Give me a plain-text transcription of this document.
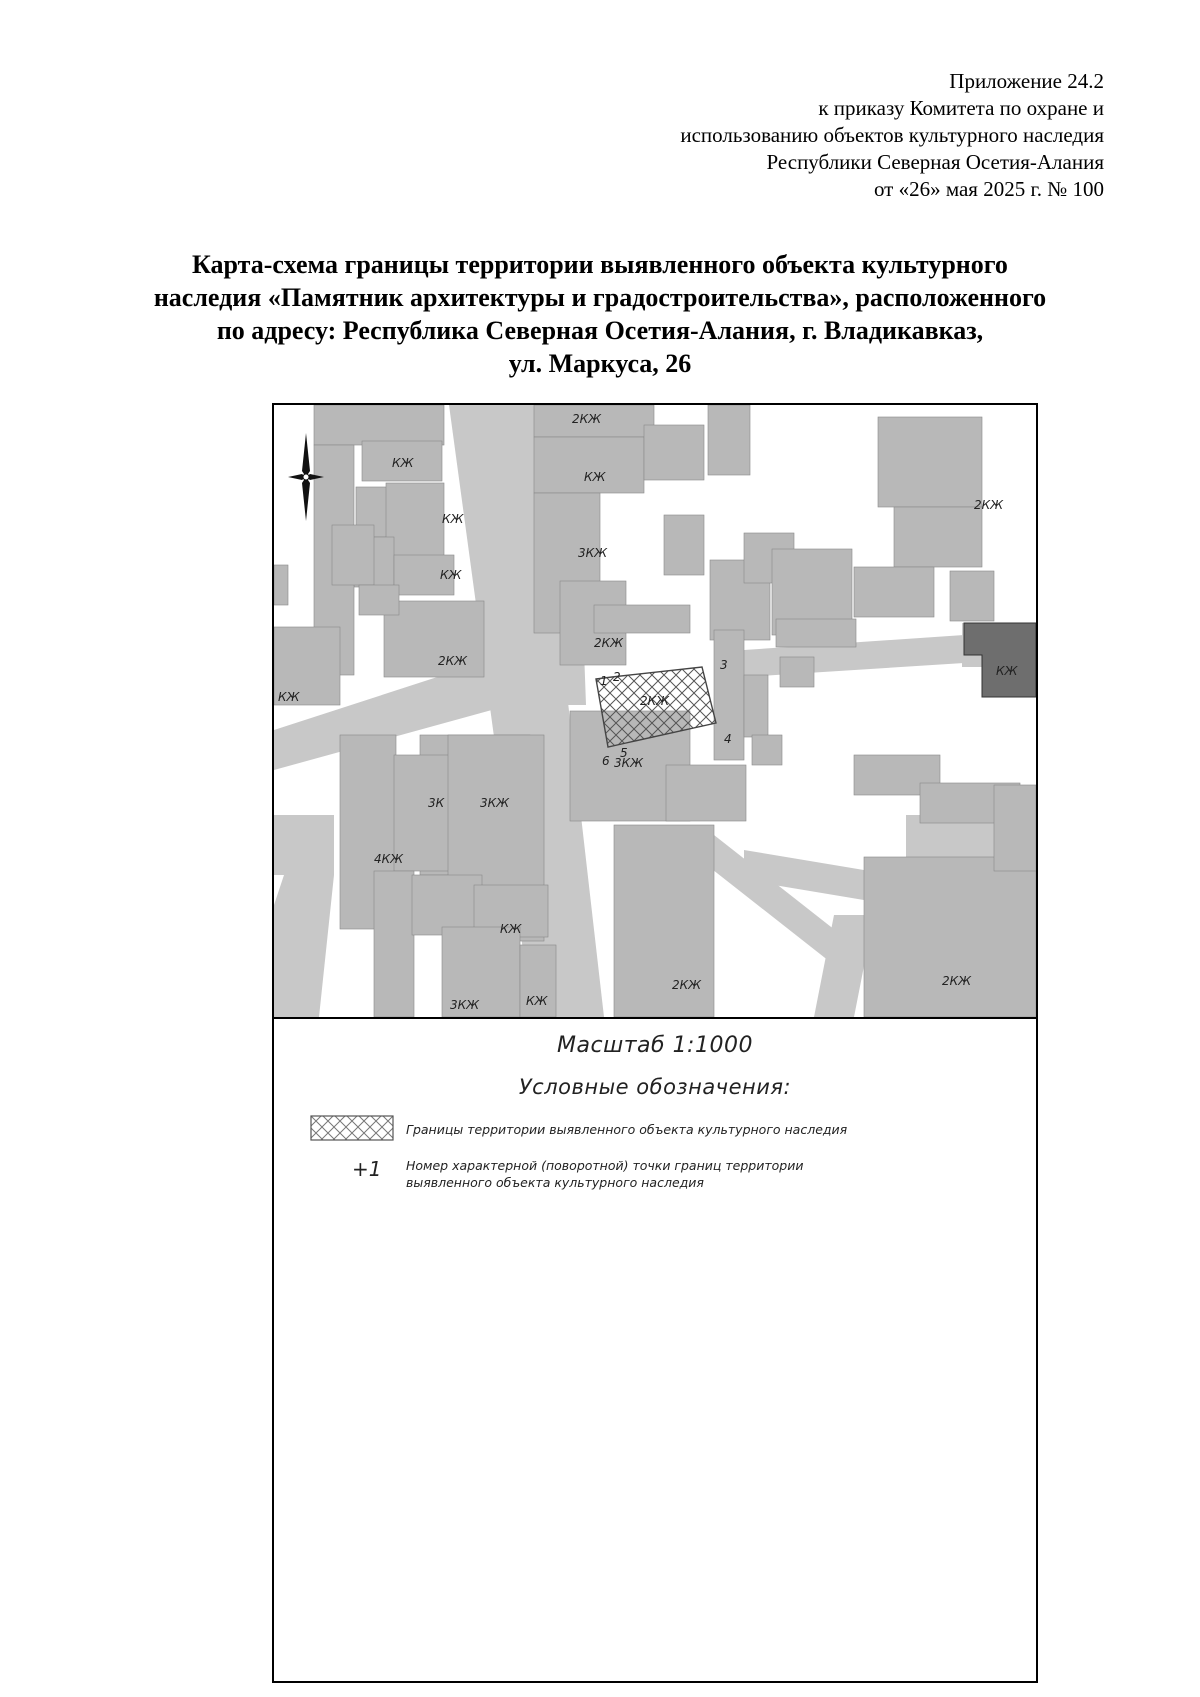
Приложение 24.2
к приказу Комитета по охране и
использованию объектов культурного наследия
Республики Северная Осетия-Алания
от «26» мая 2025 г. № 100
Карта-схема границы территории выявленного объекта культурного
наследия «Памятник архитектуры и градостроительства», расположенного
по адресу: Республика Северная Осетия-Алания, г. Владикавказ,
ул. Маркуса, 26
2КЖ
КЖ
КЖ
2КЖ
КЖ
КЖ
3КЖ
2КЖ
2КЖ
КЖ	2КЖ
3КЖ
3К	3КЖ
4КЖ
КЖ
3КЖ	КЖ
2КЖ	2КЖ
КЖ
1 2
3
4
5
6
Масштаб 1:1000
Условные обозначения:
Границы территории выявленного объекта культурного наследия
+1 Номер характерной (поворотной) точки границ территории
выявленного объекта культурного наследия
